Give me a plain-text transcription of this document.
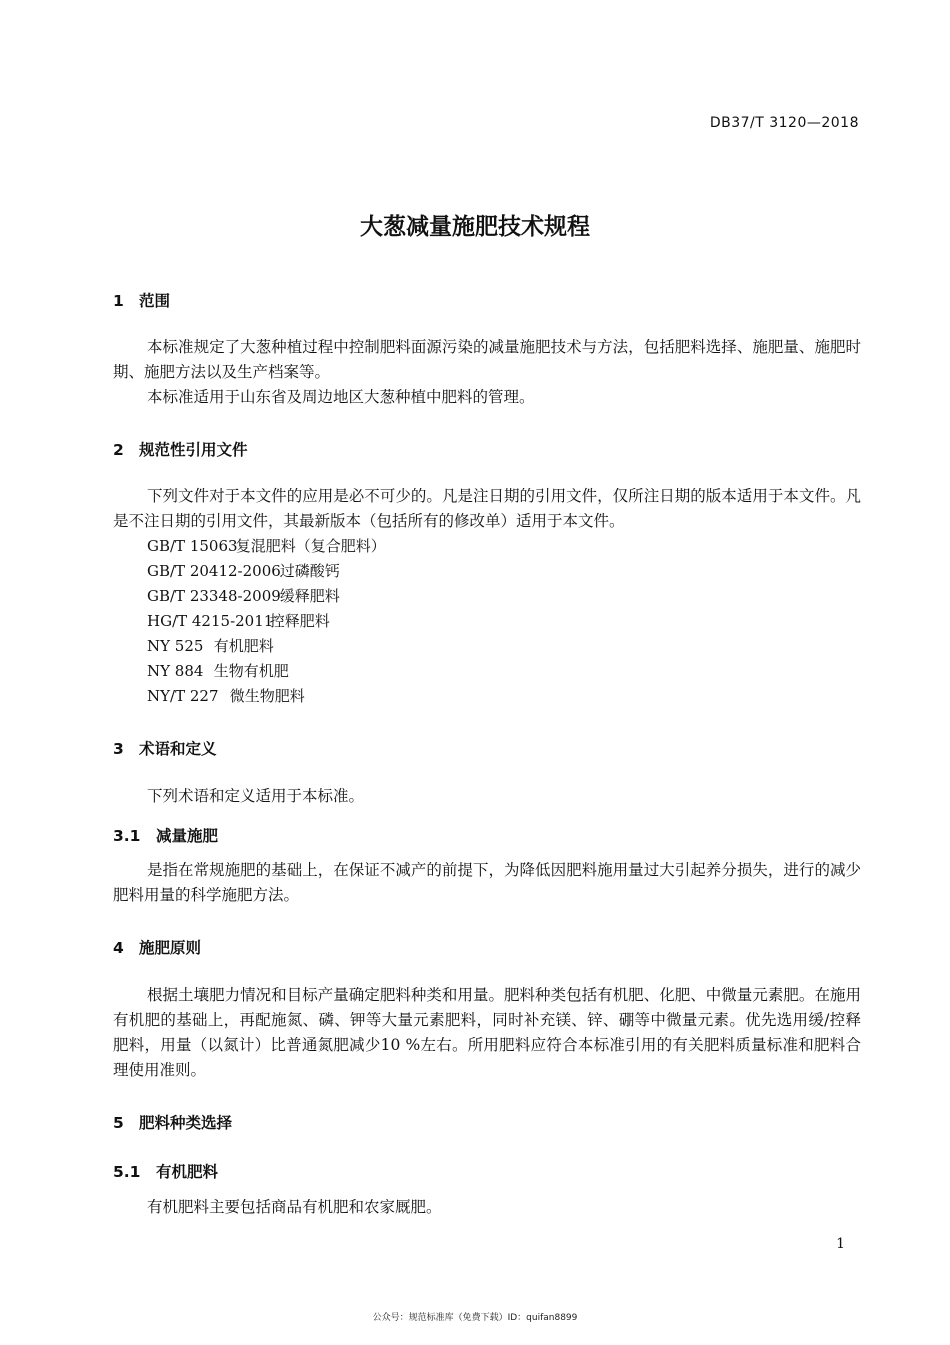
DB37/T 3120—2018
大葱减量施肥技术规程
1 范围
本标准规定了大葱种植过程中控制肥料面源污染的减量施肥技术与方法，包括肥料选择、施肥量、施肥时期、施肥方法以及生产档案等。
本标准适用于山东省及周边地区大葱种植中肥料的管理。
2 规范性引用文件
下列文件对于本文件的应用是必不可少的。凡是注日期的引用文件，仅所注日期的版本适用于本文件。凡是不注日期的引用文件，其最新版本（包括所有的修改单）适用于本文件。
GB/T 15063 复混肥料（复合肥料）
GB/T 20412-2006 过磷酸钙
GB/T 23348-2009 缓释肥料
HG/T 4215-2011 控释肥料
NY 525 有机肥料
NY 884 生物有机肥
NY/T 227 微生物肥料
3 术语和定义
下列术语和定义适用于本标准。
3.1 减量施肥
是指在常规施肥的基础上，在保证不减产的前提下，为降低因肥料施用量过大引起养分损失，进行的减少肥料用量的科学施肥方法。
4 施肥原则
根据土壤肥力情况和目标产量确定肥料种类和用量。肥料种类包括有机肥、化肥、中微量元素肥。在施用有机肥的基础上，再配施氮、磷、钾等大量元素肥料，同时补充镁、锌、硼等中微量元素。优先选用缓/控释肥料，用量（以氮计）比普通氮肥减少10 %左右。所用肥料应符合本标准引用的有关肥料质量标准和肥料合理使用准则。
5 肥料种类选择
5.1 有机肥料
有机肥料主要包括商品有机肥和农家厩肥。
1
公众号：规范标准库（免费下载）ID：quifan8899
